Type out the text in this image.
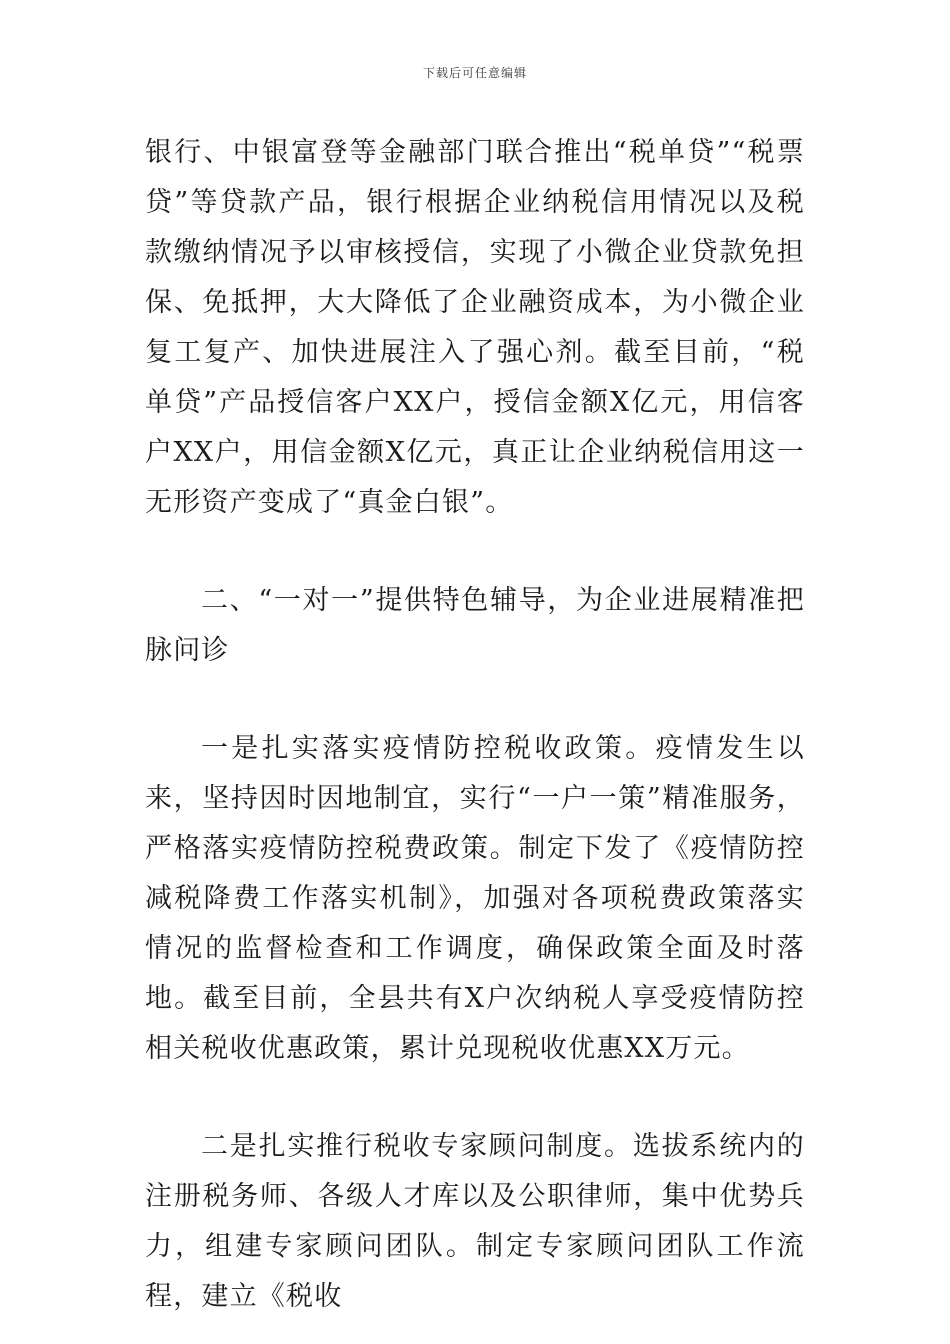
下载后可任意编辑

银行、中银富登等金融部门联合推出“税单贷”“税票贷”等贷款产品，银行根据企业纳税信用情况以及税款缴纳情况予以审核授信，实现了小微企业贷款免担保、免抵押，大大降低了企业融资成本，为小微企业复工复产、加快进展注入了强心剂。截至目前，“税单贷”产品授信客户XX户，授信金额X亿元，用信客户XX户，用信金额X亿元，真正让企业纳税信用这一无形资产变成了“真金白银”。

二、“一对一”提供特色辅导，为企业进展精准把脉问诊

一是扎实落实疫情防控税收政策。疫情发生以来，坚持因时因地制宜，实行“一户一策”精准服务，严格落实疫情防控税费政策。制定下发了《疫情防控减税降费工作落实机制》，加强对各项税费政策落实情况的监督检查和工作调度，确保政策全面及时落地。截至目前，全县共有X户次纳税人享受疫情防控相关税收优惠政策，累计兑现税收优惠XX万元。

二是扎实推行税收专家顾问制度。选拔系统内的注册税务师、各级人才库以及公职律师，集中优势兵力，组建专家顾问团队。制定专家顾问团队工作流程，建立《税收
